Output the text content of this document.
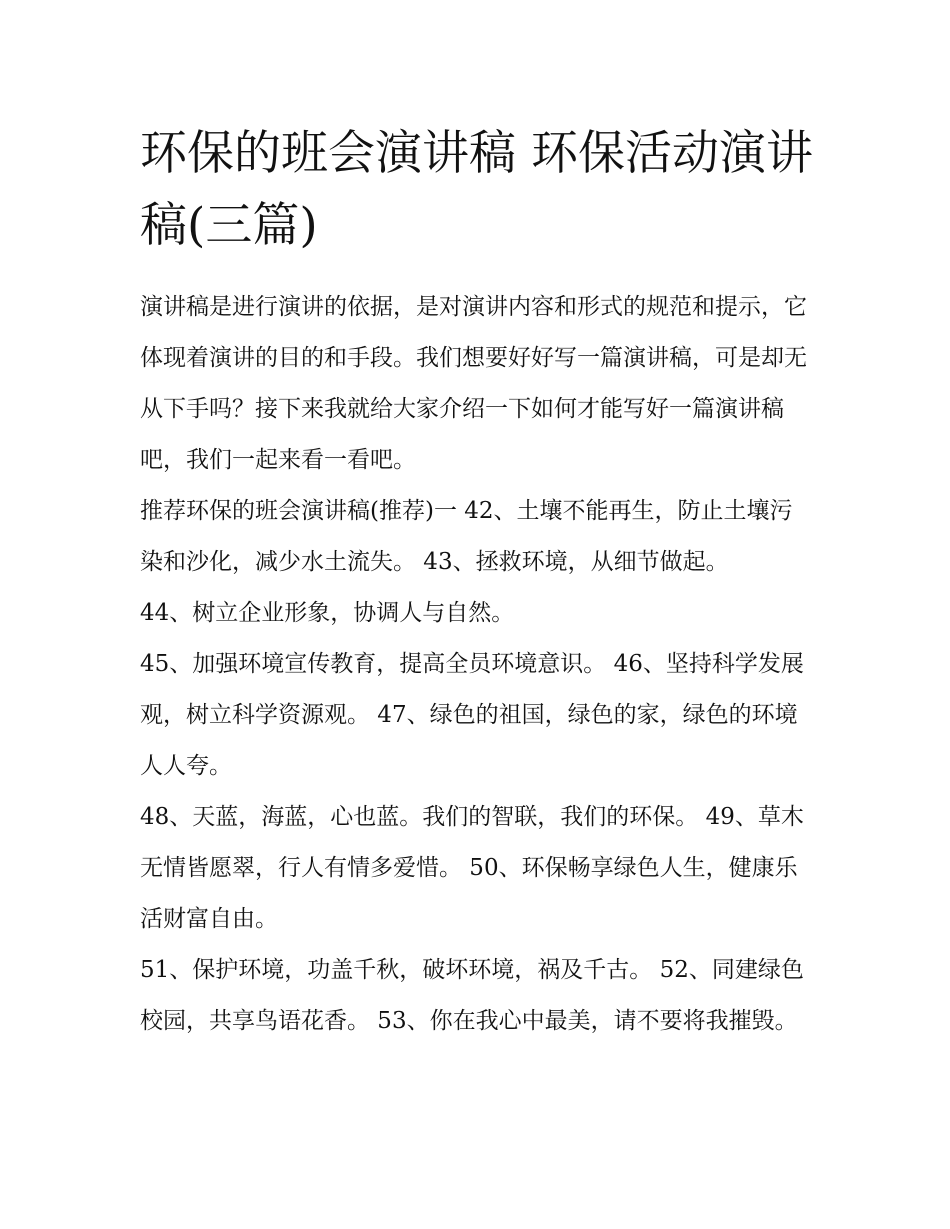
环保的班会演讲稿 环保活动演讲稿(三篇)

演讲稿是进行演讲的依据，是对演讲内容和形式的规范和提示，它体现着演讲的目的和手段。我们想要好好写一篇演讲稿，可是却无从下手吗？接下来我就给大家介绍一下如何才能写好一篇演讲稿吧，我们一起来看一看吧。

推荐环保的班会演讲稿(推荐)一 42、土壤不能再生，防止土壤污染和沙化，减少水土流失。 43、拯救环境，从细节做起。

44、树立企业形象，协调人与自然。

45、加强环境宣传教育，提高全员环境意识。 46、坚持科学发展观，树立科学资源观。 47、绿色的祖国，绿色的家，绿色的环境人人夸。

48、天蓝，海蓝，心也蓝。我们的智联，我们的环保。 49、草木无情皆愿翠，行人有情多爱惜。 50、环保畅享绿色人生，健康乐活财富自由。

51、保护环境，功盖千秋，破坏环境，祸及千古。 52、同建绿色校园，共享鸟语花香。 53、你在我心中最美，请不要将我摧毁。
